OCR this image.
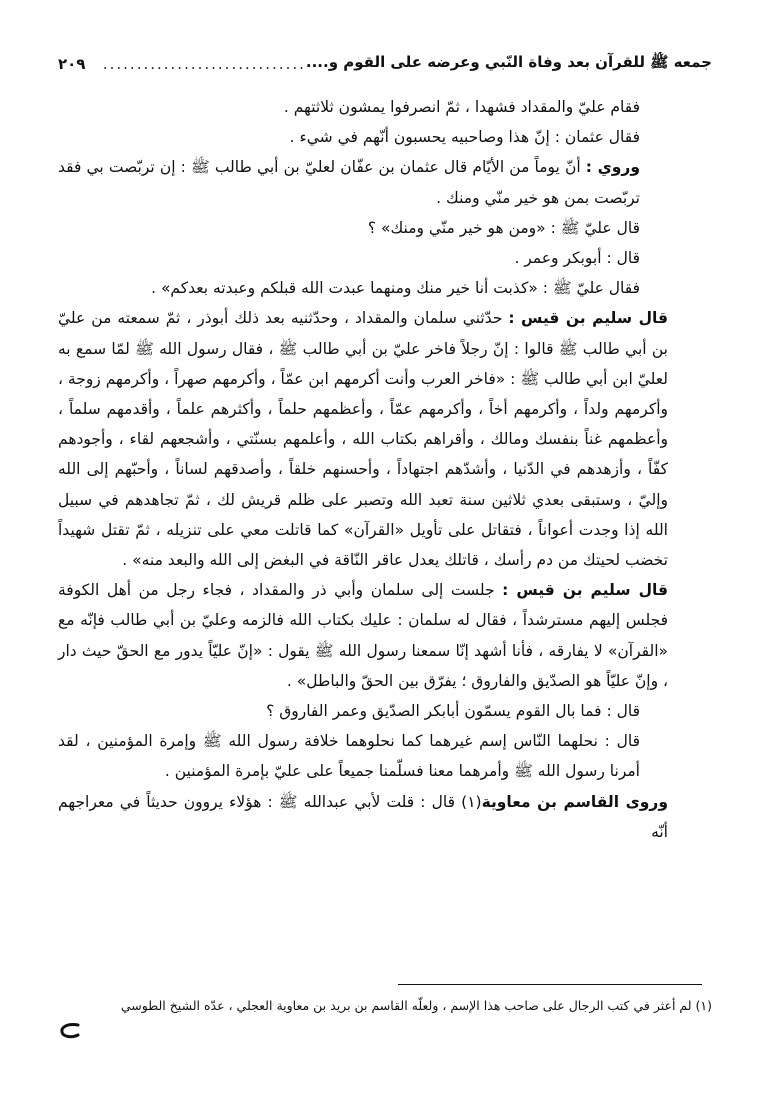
جمعه ﷺ للقرآن بعد وفاة النّبي وعرضه على القوم و....
..............................
٢٠٩

فقام عليّ والمقداد فشهدا ، ثمّ انصرفوا يمشون ثلاثتهم .

فقال عثمان : إنّ هذا وصاحبيه يحسبون أنّهم في شيء .

وروي : أنّ يوماً من الأيّام قال عثمان بن عفّان لعليّ بن أبي طالب ﷺ : إن تربّصت بي فقد تربّصت بمن هو خير منّي ومنك .

قال عليّ ﷺ : «ومن هو خير منّي ومنك» ؟

قال : أبوبكر وعمر .

فقال عليّ ﷺ : «كذبت أنا خير منك ومنهما عبدت الله قبلكم وعبدته بعدكم» .

قال سليم بن قيس : حدّثني سلمان والمقداد ، وحدّثنيه بعد ذلك أبوذر ، ثمّ سمعته من عليّ بن أبي طالب ﷺ قالوا : إنّ رجلاً فاخر عليّ بن أبي طالب ﷺ ، فقال رسول الله ﷺ لمّا سمع به لعليّ ابن أبي طالب ﷺ : «فاخر العرب وأنت أكرمهم ابن عمّاً ، وأكرمهم صهراً ، وأكرمهم زوجة ، وأكرمهم ولداً ، وأكرمهم أخاً ، وأكرمهم عمّاً ، وأعظمهم حلماً ، وأكثرهم علماً ، وأقدمهم سلماً ، وأعظمهم غناً بنفسك ومالك ، وأقراهم بكتاب الله ، وأعلمهم بسنّتي ، وأشجعهم لقاء ، وأجودهم كفّاً ، وأزهدهم في الدّنيا ، وأشدّهم اجتهاداً ، وأحسنهم خلقاً ، وأصدقهم لساناً ، وأحبّهم إلى الله وإليّ ، وستبقى بعدي ثلاثين سنة تعبد الله وتصبر على ظلم قريش لك ، ثمّ تجاهدهم في سبيل الله إذا وجدت أعواناً ، فتقاتل على تأويل «القرآن» كما قاتلت معي على تنزيله ، ثمّ تقتل شهيداً تخضب لحيتك من دم رأسك ، قاتلك يعدل عاقر النّاقة في البغض إلى الله والبعد منه» .

قال سليم بن قيس : جلست إلى سلمان وأبي ذر والمقداد ، فجاء رجل من أهل الكوفة فجلس إليهم مسترشداً ، فقال له سلمان : عليك بكتاب الله فالزمه وعليّ بن أبي طالب فإنّه مع «القرآن» لا يفارقه ، فأنا أشهد إنّا سمعنا رسول الله ﷺ يقول : «إنّ عليّاً يدور مع الحقّ حيث دار ، وإنّ عليّاً هو الصدّيق والفاروق ؛ يفرّق بين الحقّ والباطل» .

قال : فما بال القوم يسمّون أبابكر الصدّيق وعمر الفاروق ؟

قال : نحلهما النّاس إسم غيرهما كما نحلوهما خلافة رسول الله ﷺ وإمرة المؤمنين ، لقد أمرنا رسول الله ﷺ وأمرهما معنا فسلّمنا جميعاً على عليّ بإمرة المؤمنين .

وروى القاسم بن معاوية(١) قال : قلت لأبي عبدالله ﷺ : هؤلاء يروون حديثاً في معراجهم أنّه

(١) لم أعثر في كتب الرجال على صاحب هذا الإسم ، ولعلّه القاسم بن بريد بن معاوية العجلي ، عدّه الشيخ الطوسي
